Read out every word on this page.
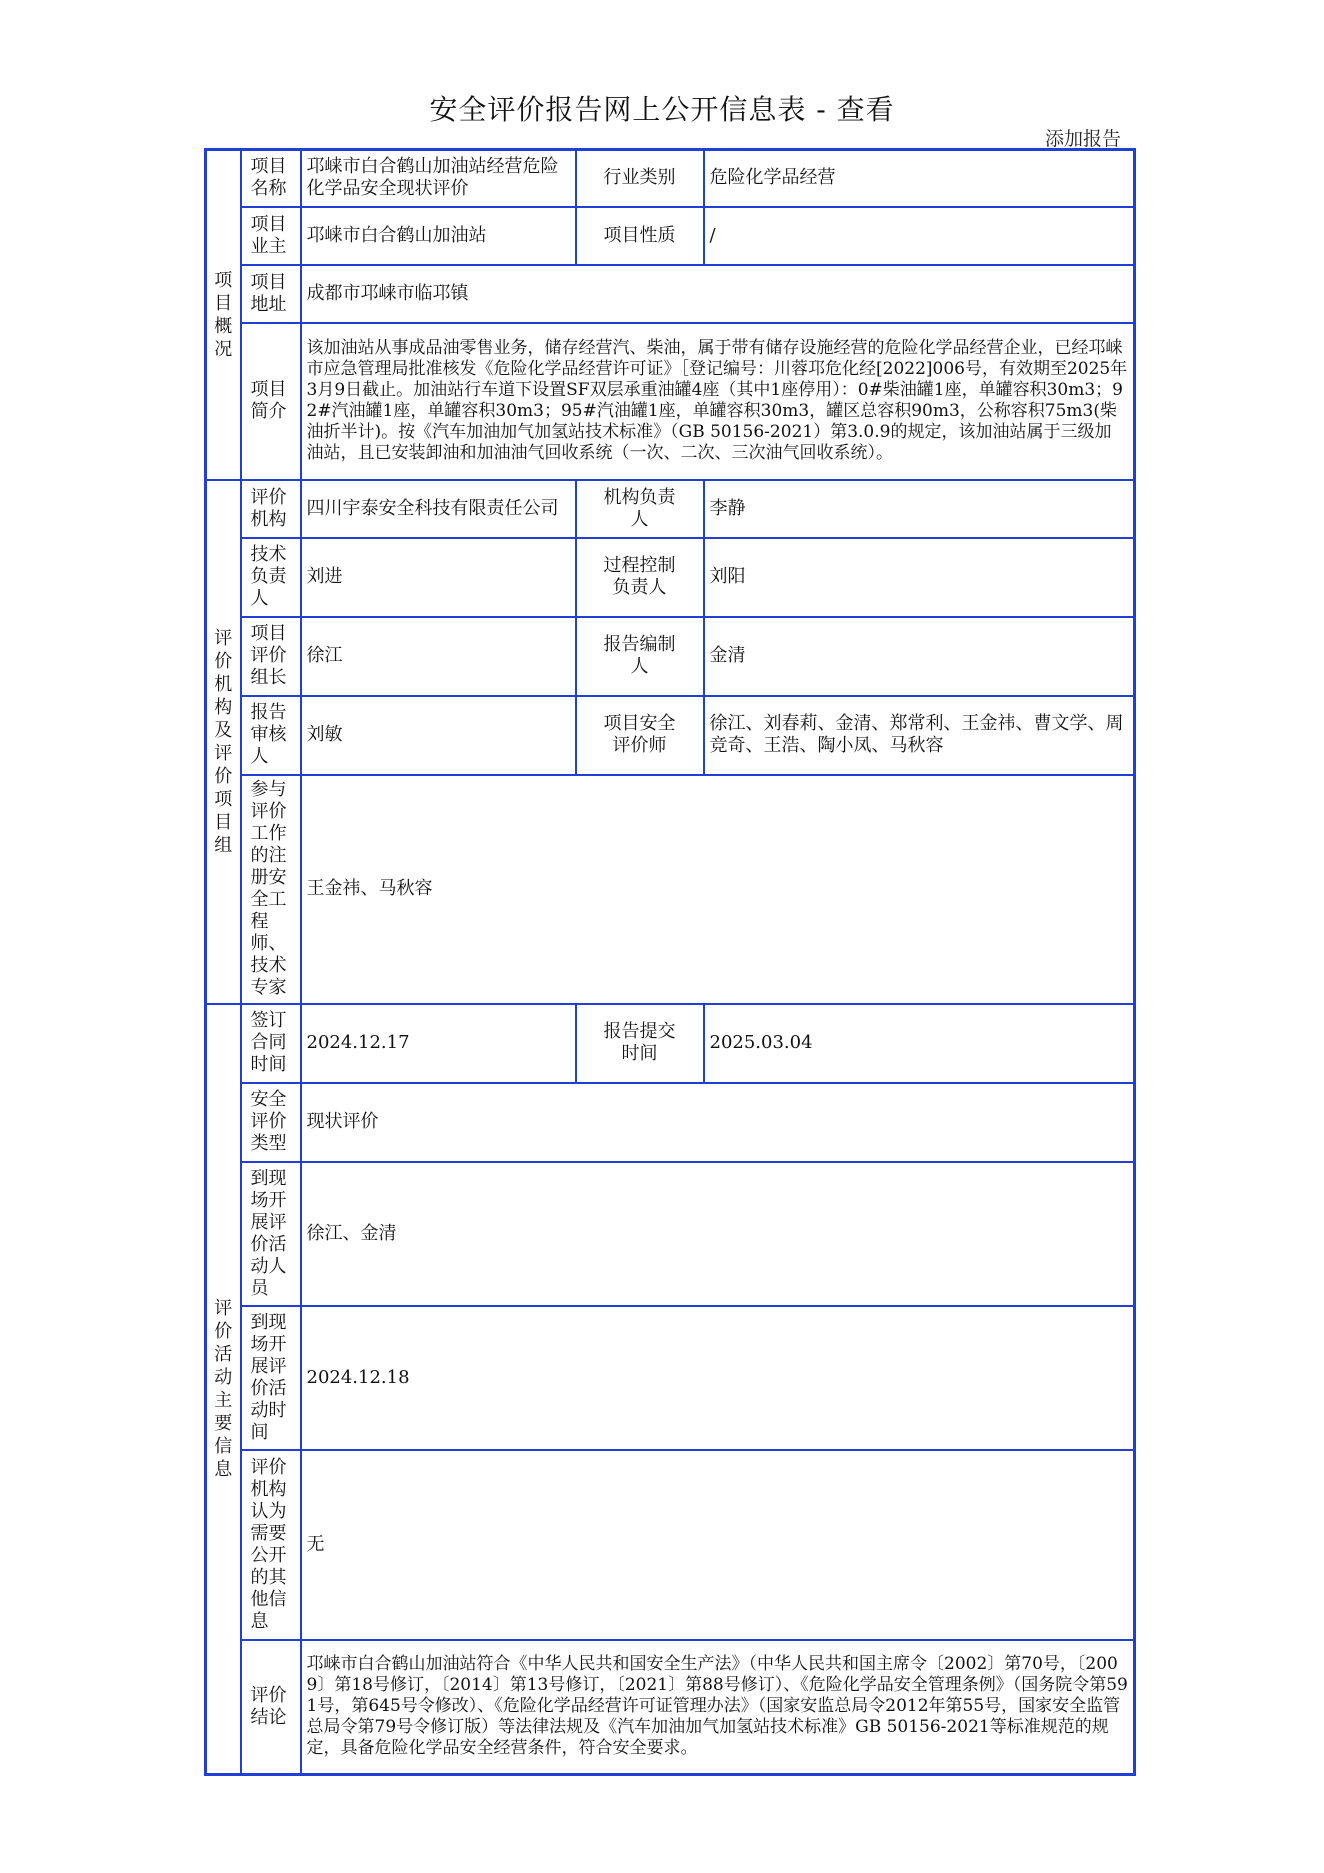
安全评价报告网上公开信息表 - 查看
添加报告
项目概况	项目名称	邛崃市白合鹤山加油站经营危险化学品安全现状评价	行业类别	危险化学品经营
	项目业主	邛崃市白合鹤山加油站	项目性质	/
	项目地址	成都市邛崃市临邛镇		
	项目简介	该加油站从事成品油零售业务，储存经营汽、柴油，属于带有储存设施经营的危险化学品经营企业，已经邛崃市应急管理局批准核发《危险化学品经营许可证》［登记编号：川蓉邛危化经[2022]006号，有效期至2025年3月9日截止。加油站行车道下设置SF双层承重油罐4座（其中1座停用）：0#柴油罐1座，单罐容积30m3；92#汽油罐1座，单罐容积30m3；95#汽油罐1座，单罐容积30m3，罐区总容积90m3，公称容积75m3(柴油折半计)。按《汽车加油加气加氢站技术标准》（GB 50156-2021）第3.0.9的规定，该加油站属于三级加油站，且已安装卸油和加油油气回收系统（一次、二次、三次油气回收系统）。		
评价机构及评价项目组	评价机构	四川宇泰安全科技有限责任公司	机构负责人	李静
	技术负责人	刘进	过程控制负责人	刘阳
	项目评价组长	徐江	报告编制人	金清
	报告审核人	刘敏	项目安全评价师	徐江、刘春莉、金清、郑常利、王金祎、曹文学、周竞奇、王浩、陶小凤、马秋容
	参与评价工作的注册安全工程师、技术专家	王金祎、马秋容		
评价活动主要信息	签订合同时间	2024.12.17	报告提交时间	2025.03.04
	安全评价类型	现状评价		
	到现场开展评价活动人员	徐江、金清		
	到现场开展评价活动时间	2024.12.18		
	评价机构认为需要公开的其他信息	无		
	评价结论	邛崃市白合鹤山加油站符合《中华人民共和国安全生产法》（中华人民共和国主席令〔2002〕第70号，〔2009〕第18号修订，〔2014〕第13号修订，〔2021〕第88号修订）、《危险化学品安全管理条例》（国务院令第591号，第645号令修改）、《危险化学品经营许可证管理办法》（国家安监总局令2012年第55号，国家安全监管总局令第79号令修订版）等法律法规及《汽车加油加气加氢站技术标准》GB 50156-2021等标准规范的规定，具备危险化学品安全经营条件，符合安全要求。		
